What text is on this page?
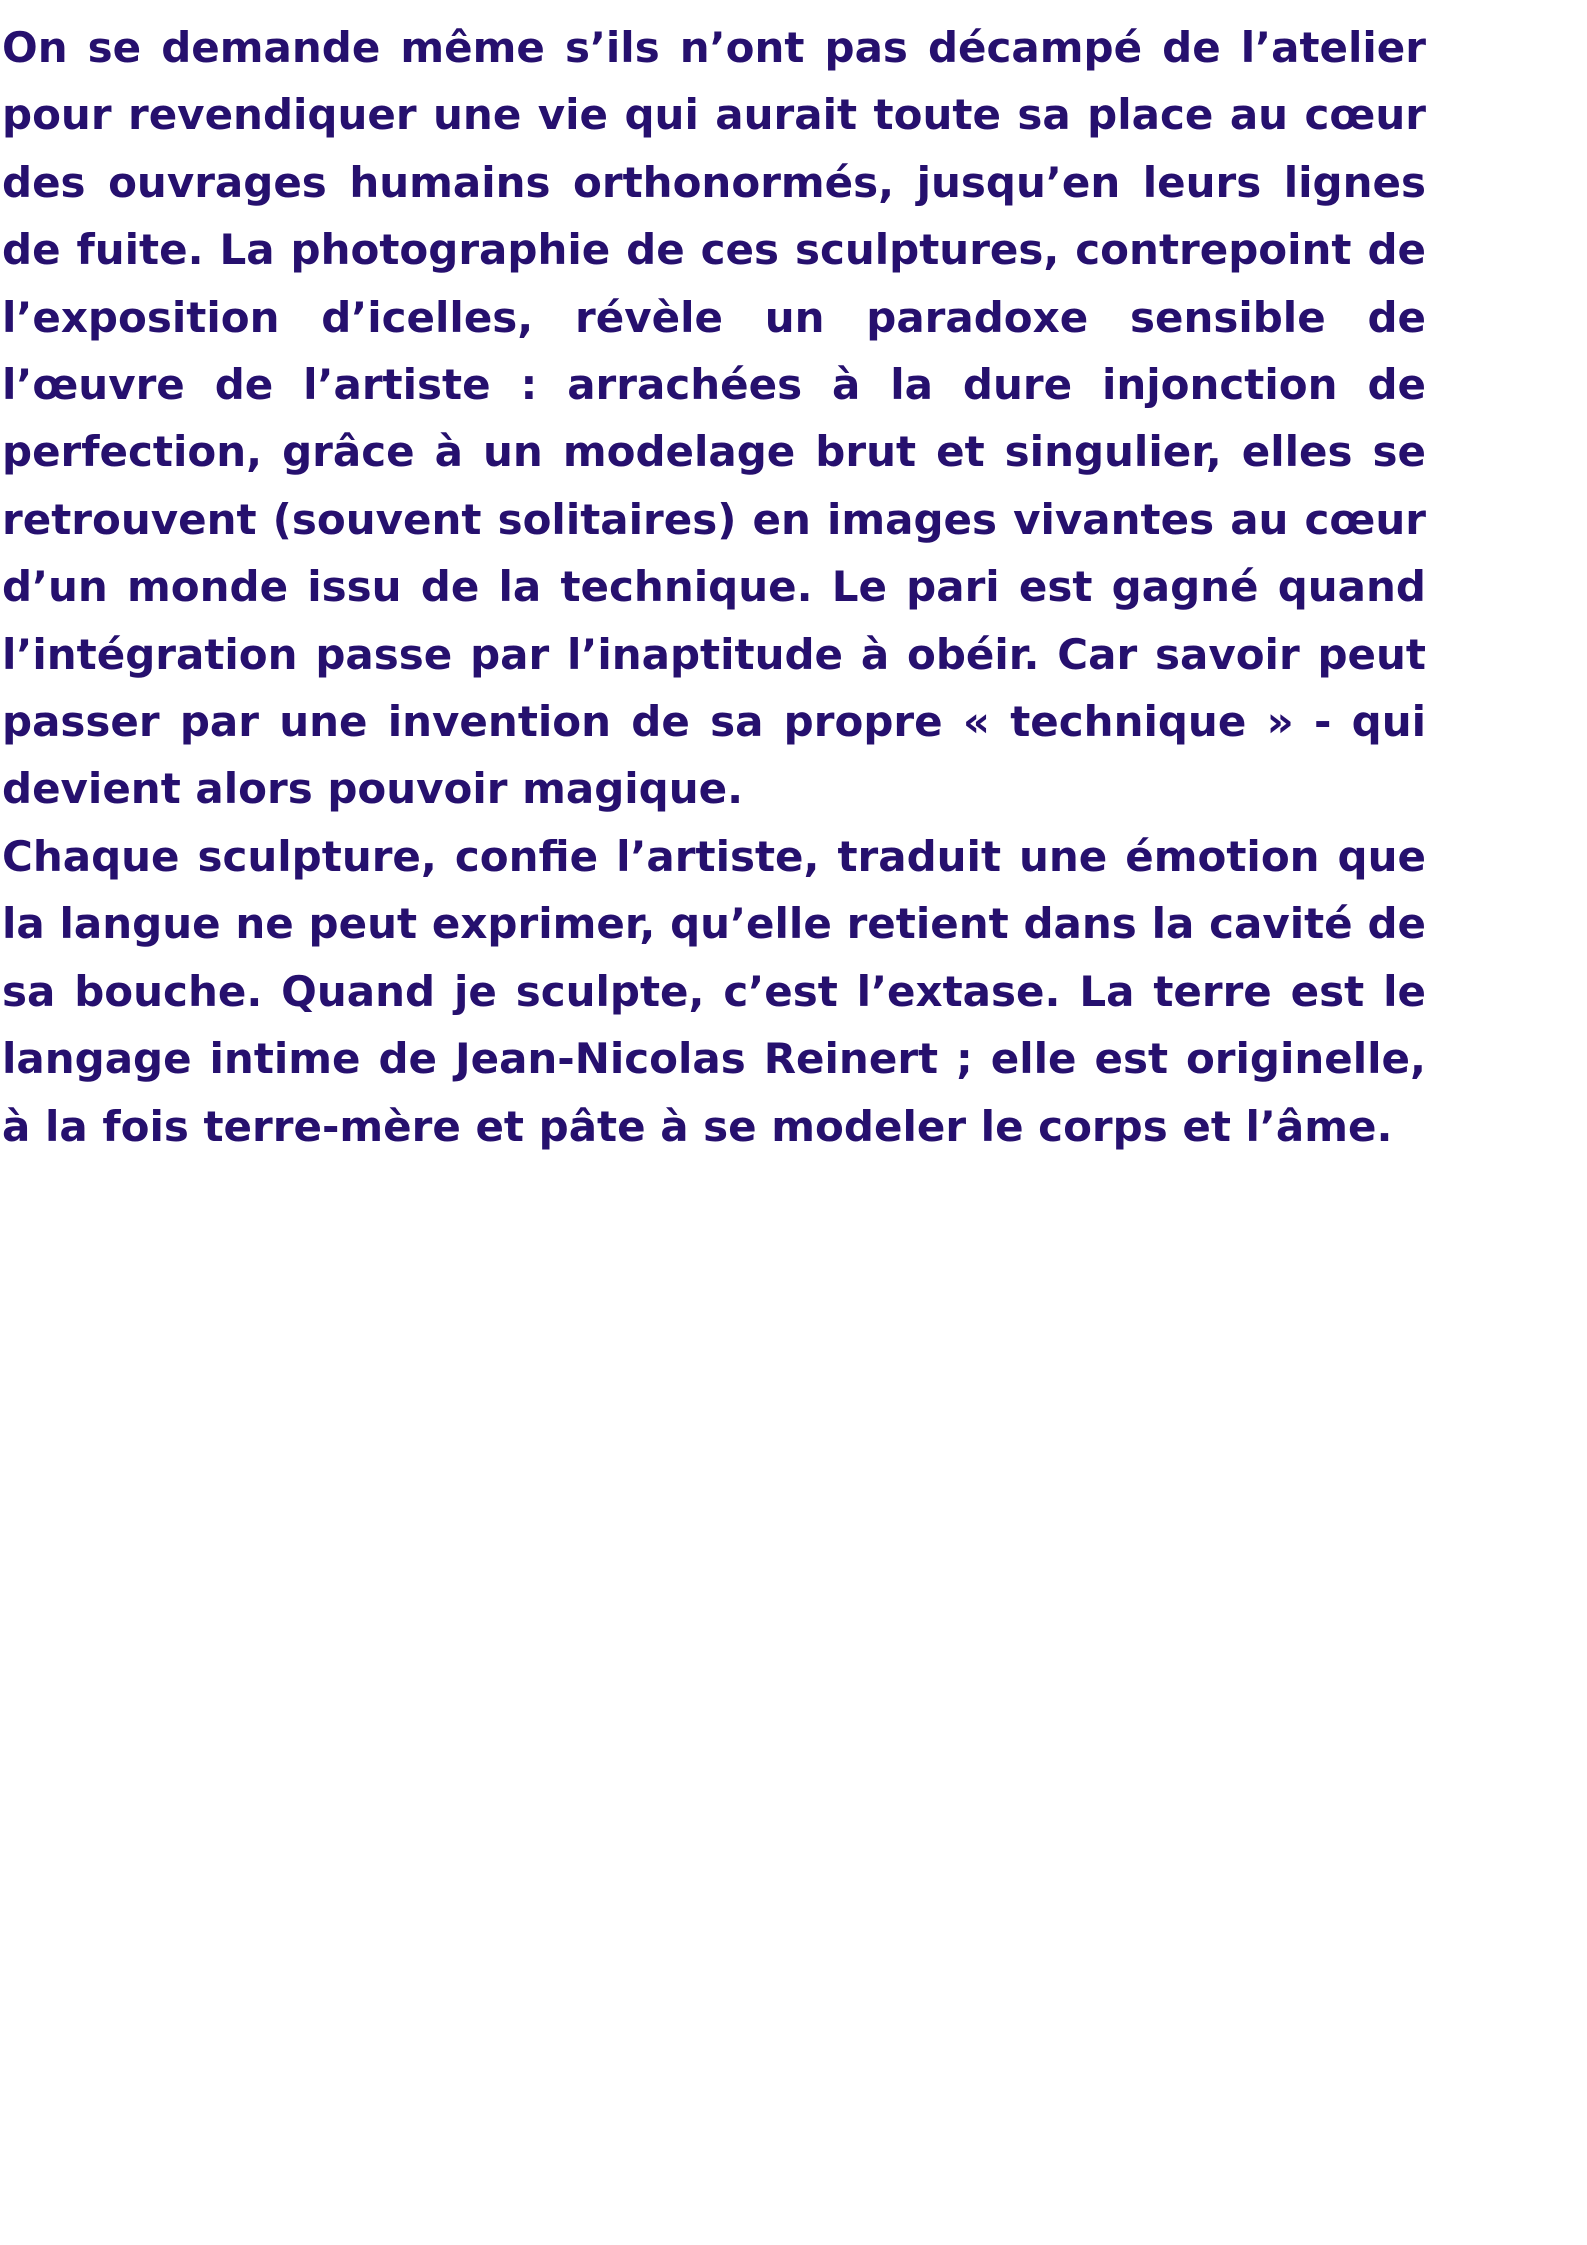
On se demande même s’ils n’ont pas décampé de l’atelier pour revendiquer une vie qui aurait toute sa place au cœur des ouvrages humains orthonormés, jusqu’en leurs lignes de fuite. La photographie de ces sculptures, contrepoint de l’exposition d’icelles, révèle un paradoxe sensible de l’œuvre de l’artiste : arrachées à la dure injonction de perfection, grâce à un modelage brut et singulier, elles se retrouvent (souvent solitaires) en images vivantes au cœur d’un monde issu de la technique. Le pari est gagné quand l’intégration passe par l’inaptitude à obéir. Car savoir peut passer par une invention de sa propre « technique » - qui devient alors pouvoir magique.

Chaque sculpture, confie l’artiste, traduit une émotion que la langue ne peut exprimer, qu’elle retient dans la cavité de sa bouche. Quand je sculpte, c’est l’extase. La terre est le langage intime de Jean-Nicolas Reinert ; elle est originelle, à la fois terre-mère et pâte à se modeler le corps et l’âme.
